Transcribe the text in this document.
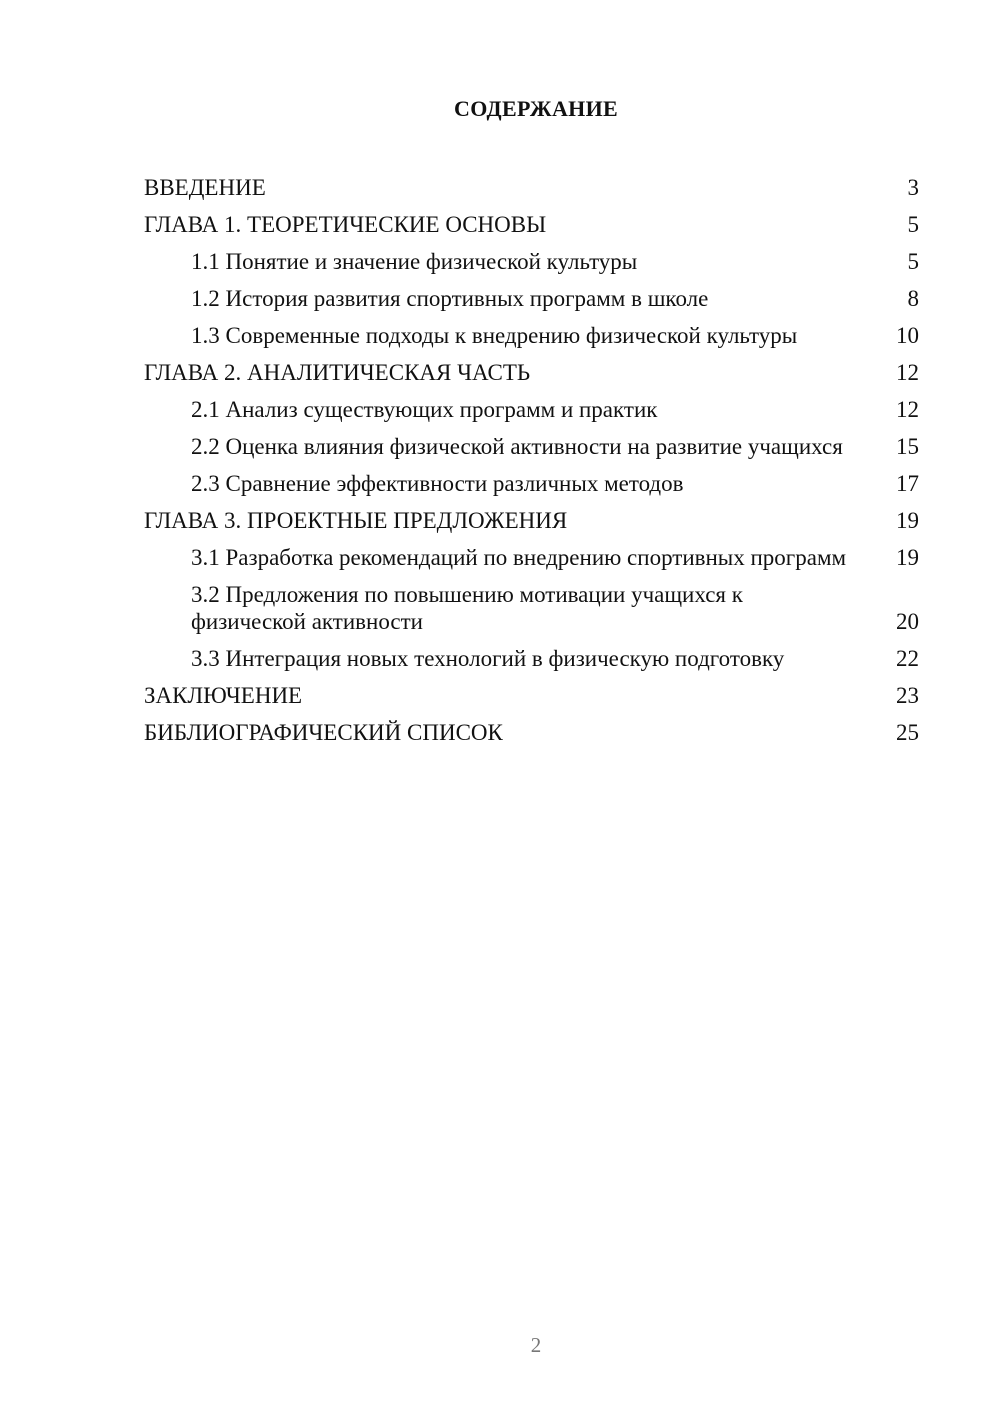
СОДЕРЖАНИЕ
ВВЕДЕНИЕ	3
ГЛАВА 1. ТЕОРЕТИЧЕСКИЕ ОСНОВЫ	5
1.1 Понятие и значение физической культуры	5
1.2 История развития спортивных программ в школе	8
1.3 Современные подходы к внедрению физической культуры	10
ГЛАВА 2. АНАЛИТИЧЕСКАЯ ЧАСТЬ	12
2.1 Анализ существующих программ и практик	12
2.2 Оценка влияния физической активности на развитие учащихся	15
2.3 Сравнение эффективности различных методов	17
ГЛАВА 3. ПРОЕКТНЫЕ ПРЕДЛОЖЕНИЯ	19
3.1 Разработка рекомендаций по внедрению спортивных программ	19
3.2 Предложения по повышению мотивации учащихся к физической активности	20
3.3 Интеграция новых технологий в физическую подготовку	22
ЗАКЛЮЧЕНИЕ	23
БИБЛИОГРАФИЧЕСКИЙ СПИСОК	25
2
